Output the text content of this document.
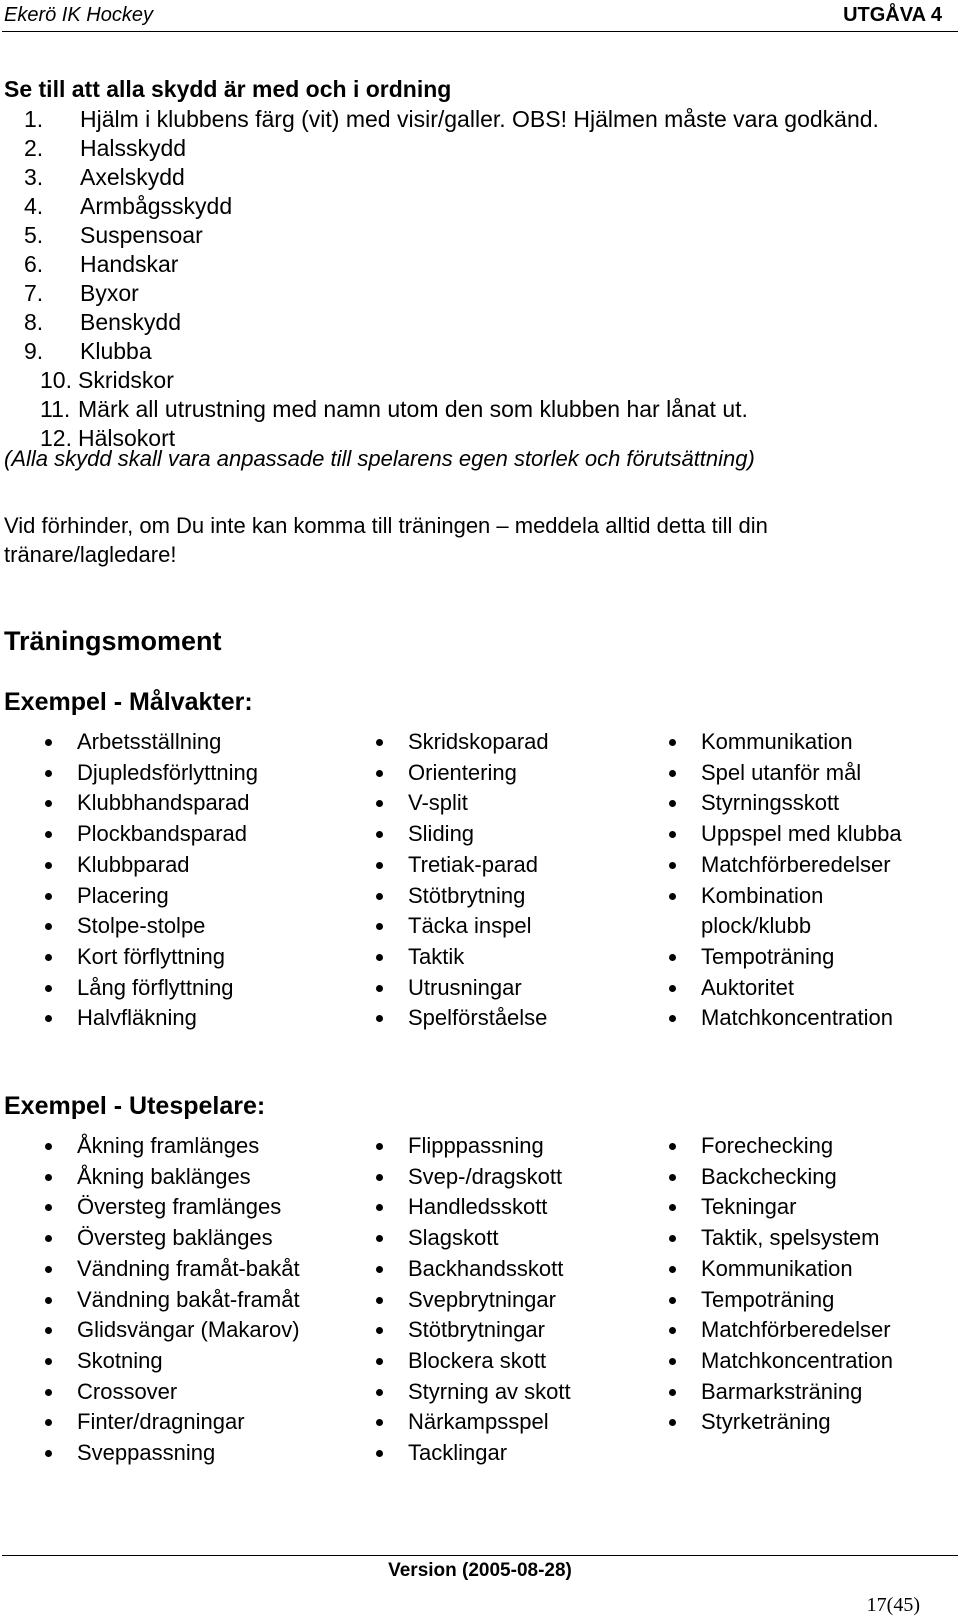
Ekerö IK Hockey	UTGÅVA 4
Se till att alla skydd är med och i ordning
1.	Hjälm i klubbens färg (vit) med visir/galler. OBS! Hjälmen måste vara godkänd.
2.	Halsskydd
3.	Axelskydd
4.	Armbågsskydd
5.	Suspensoar
6.	Handskar
7.	Byxor
8.	Benskydd
9.	Klubba
10. Skridskor
11. Märk all utrustning med namn utom den som klubben har lånat ut.
12. Hälsokort
(Alla skydd skall vara anpassade till spelarens egen storlek och förutsättning)
Vid förhinder, om Du inte kan komma till träningen – meddela alltid detta till din tränare/lagledare!
Träningsmoment
Exempel - Målvakter:
Arbetsställning
Djupledsförlyttning
Klubbhandsparad
Plockbandsparad
Klubbparad
Placering
Stolpe-stolpe
Kort förflyttning
Lång förflyttning
Halvfläkning
Skridskoparad
Orientering
V-split
Sliding
Tretiak-parad
Stötbrytning
Täcka inspel
Taktik
Utrusningar
Spelförståelse
Kommunikation
Spel utanför mål
Styrningsskott
Uppspel med klubba
Matchförberedelser
Kombination
plock/klubb
Tempoträning
Auktoritet
Matchkoncentration
Exempel - Utespelare:
Åkning framlänges
Åkning baklänges
Översteg framlänges
Översteg baklänges
Vändning framåt-bakåt
Vändning bakåt-framåt
Glidsvängar (Makarov)
Skotning
Crossover
Finter/dragningar
Sveppassning
Flipppassning
Svep-/dragskott
Handledsskott
Slagskott
Backhandsskott
Svepbrytningar
Stötbrytningar
Blockera skott
Styrning av skott
Närkampsspel
Tacklingar
Forechecking
Backchecking
Tekningar
Taktik, spelsystem
Kommunikation
Tempoträning
Matchförberedelser
Matchkoncentration
Barmarksträning
Styrketräning
Version (2005-08-28)
17(45)
